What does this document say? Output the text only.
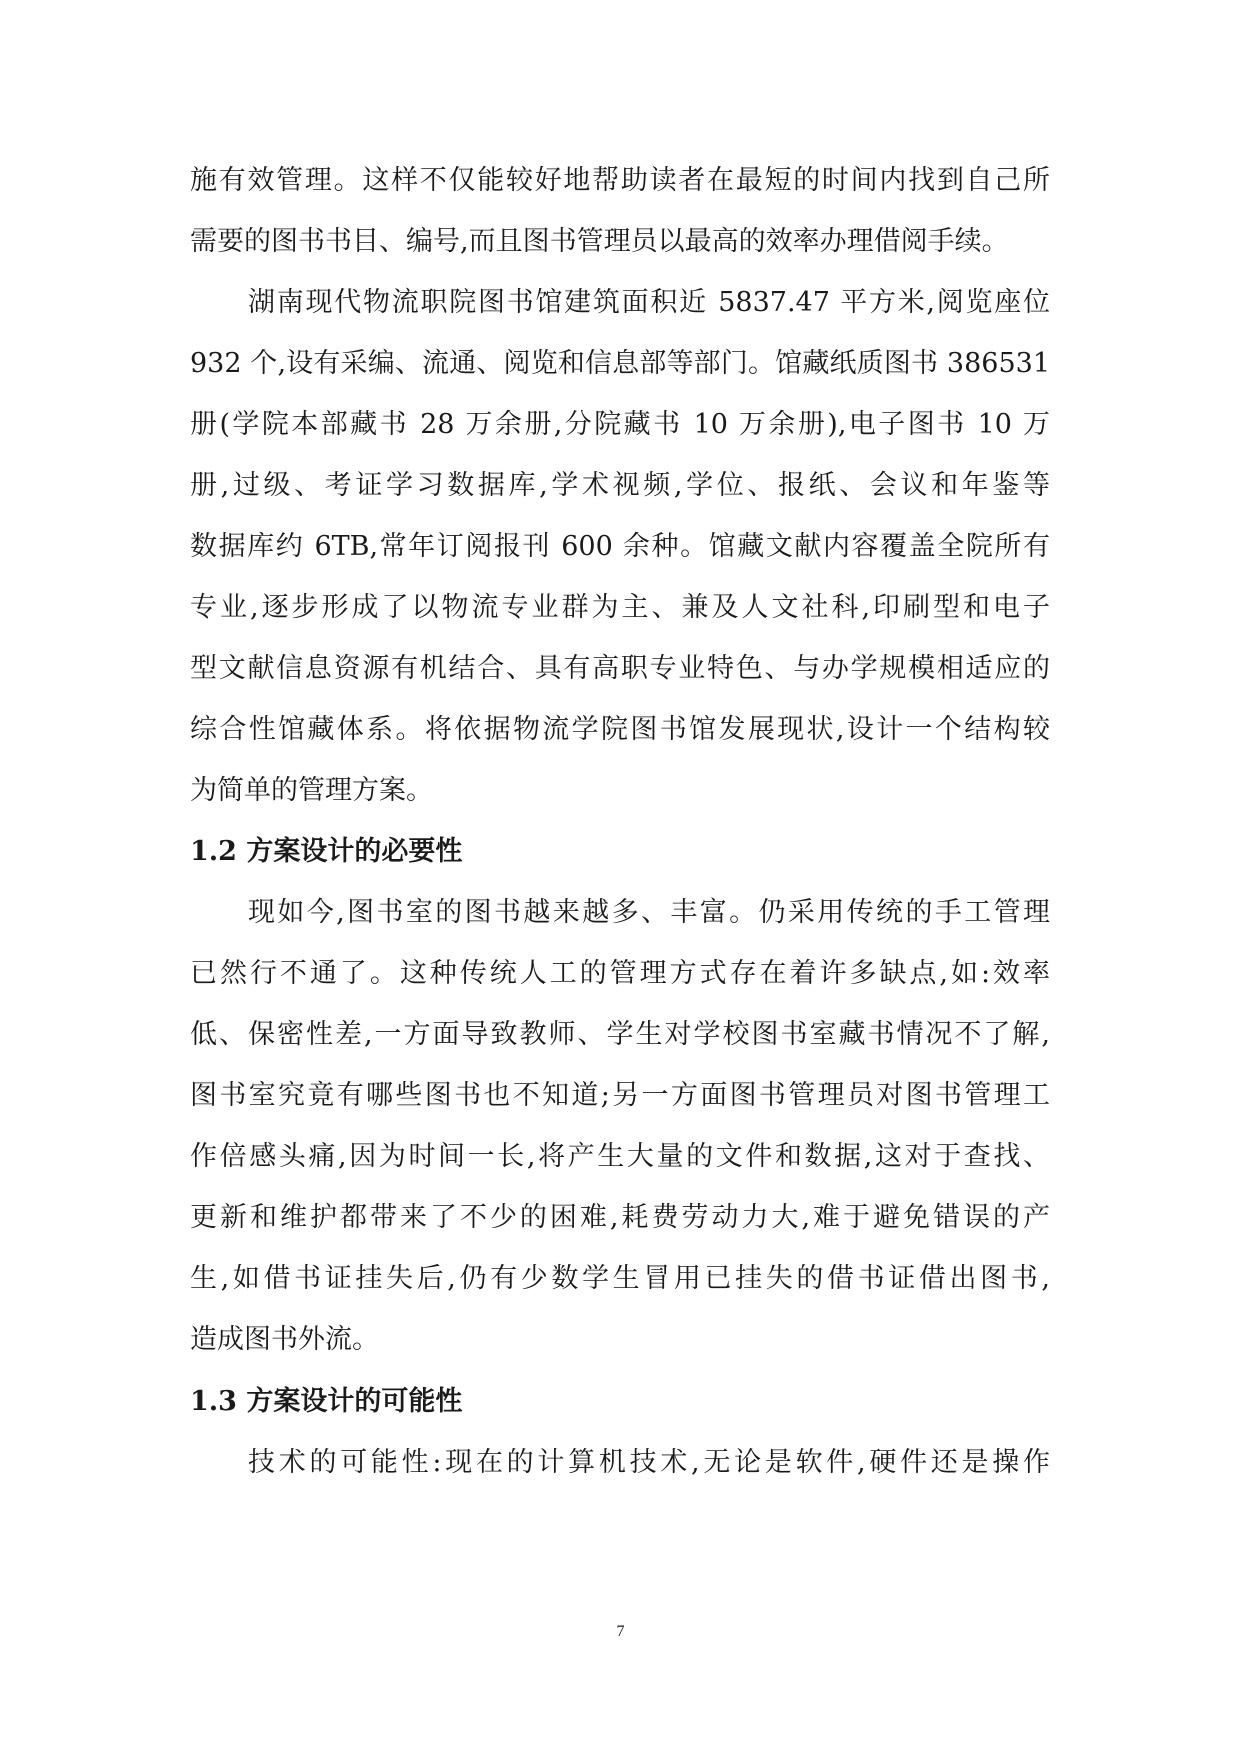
施有效管理。这样不仅能较好地帮助读者在最短的时间内找到自己所
需要的图书书目、编号,而且图书管理员以最高的效率办理借阅手续。
湖南现代物流职院图书馆建筑面积近 5837.47 平方米,阅览座位
932 个,设有采编、流通、阅览和信息部等部门。馆藏纸质图书 386531
册(学院本部藏书 28 万余册,分院藏书 10 万余册),电子图书 10 万
册,过级、考证学习数据库,学术视频,学位、报纸、会议和年鉴等
数据库约 6TB,常年订阅报刊 600 余种。馆藏文献内容覆盖全院所有
专业,逐步形成了以物流专业群为主、兼及人文社科,印刷型和电子
型文献信息资源有机结合、具有高职专业特色、与办学规模相适应的
综合性馆藏体系。将依据物流学院图书馆发展现状,设计一个结构较
为简单的管理方案。
1.2 方案设计的必要性
现如今,图书室的图书越来越多、丰富。仍采用传统的手工管理
已然行不通了。这种传统人工的管理方式存在着许多缺点,如:效率
低、保密性差,一方面导致教师、学生对学校图书室藏书情况不了解,
图书室究竟有哪些图书也不知道;另一方面图书管理员对图书管理工
作倍感头痛,因为时间一长,将产生大量的文件和数据,这对于查找、
更新和维护都带来了不少的困难,耗费劳动力大,难于避免错误的产
生,如借书证挂失后,仍有少数学生冒用已挂失的借书证借出图书,
造成图书外流。
1.3 方案设计的可能性
技术的可能性:现在的计算机技术,无论是软件,硬件还是操作
7
